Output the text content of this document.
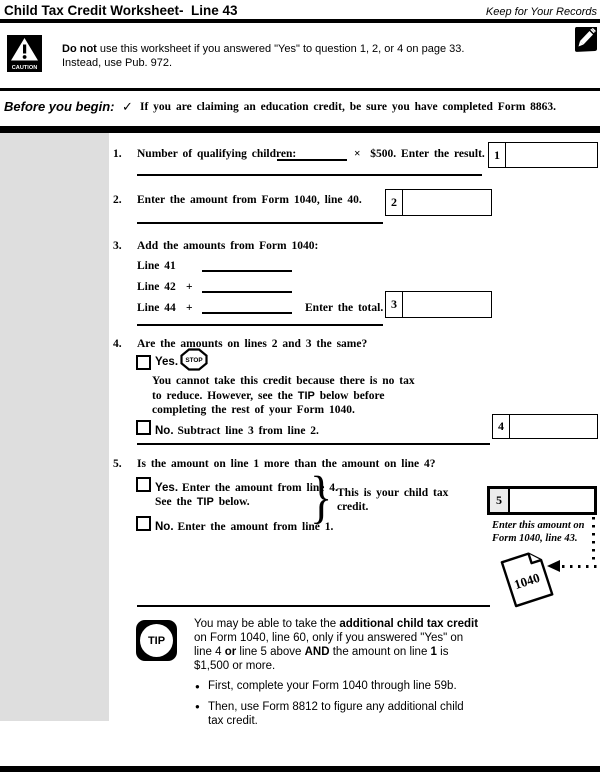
Child Tax Credit Worksheet-  Line 43	Keep for Your Records
CAUTION
Do not use this worksheet if you answered "Yes" to question 1, 2, or 4 on page 33.
Instead, use Pub. 972.
Before you begin: ✓ If you are claiming an education credit, be sure you have completed Form 8863.
1. Number of qualifying children:	×  $500. Enter the result. 1
2. Enter the amount from Form 1040, line 40.	2
3. Add the amounts from Form 1040:
Line 41
Line 42 +
Line 44 +	Enter the total. 3
4. Are the amounts on lines 2 and 3 the same?
Yes. STOP
You cannot take this credit because there is no tax
to reduce. However, see the TIP below before
completing the rest of your Form 1040.
No. Subtract line 3 from line 2.	4
5. Is the amount on line 1 more than the amount on line 4?
Yes. Enter the amount from line 4.
See the TIP below.
No. Enter the amount from line 1.
} This is your child tax
credit.	5
Enter this amount on
Form 1040, line 43.
1040
TIP
You may be able to take the additional child tax credit
on Form 1040, line 60, only if you answered "Yes" on
line 4 or line 5 above AND the amount on line 1 is
$1,500 or more.
● First, complete your Form 1040 through line 59b.
● Then, use Form 8812 to figure any additional child
tax credit.
